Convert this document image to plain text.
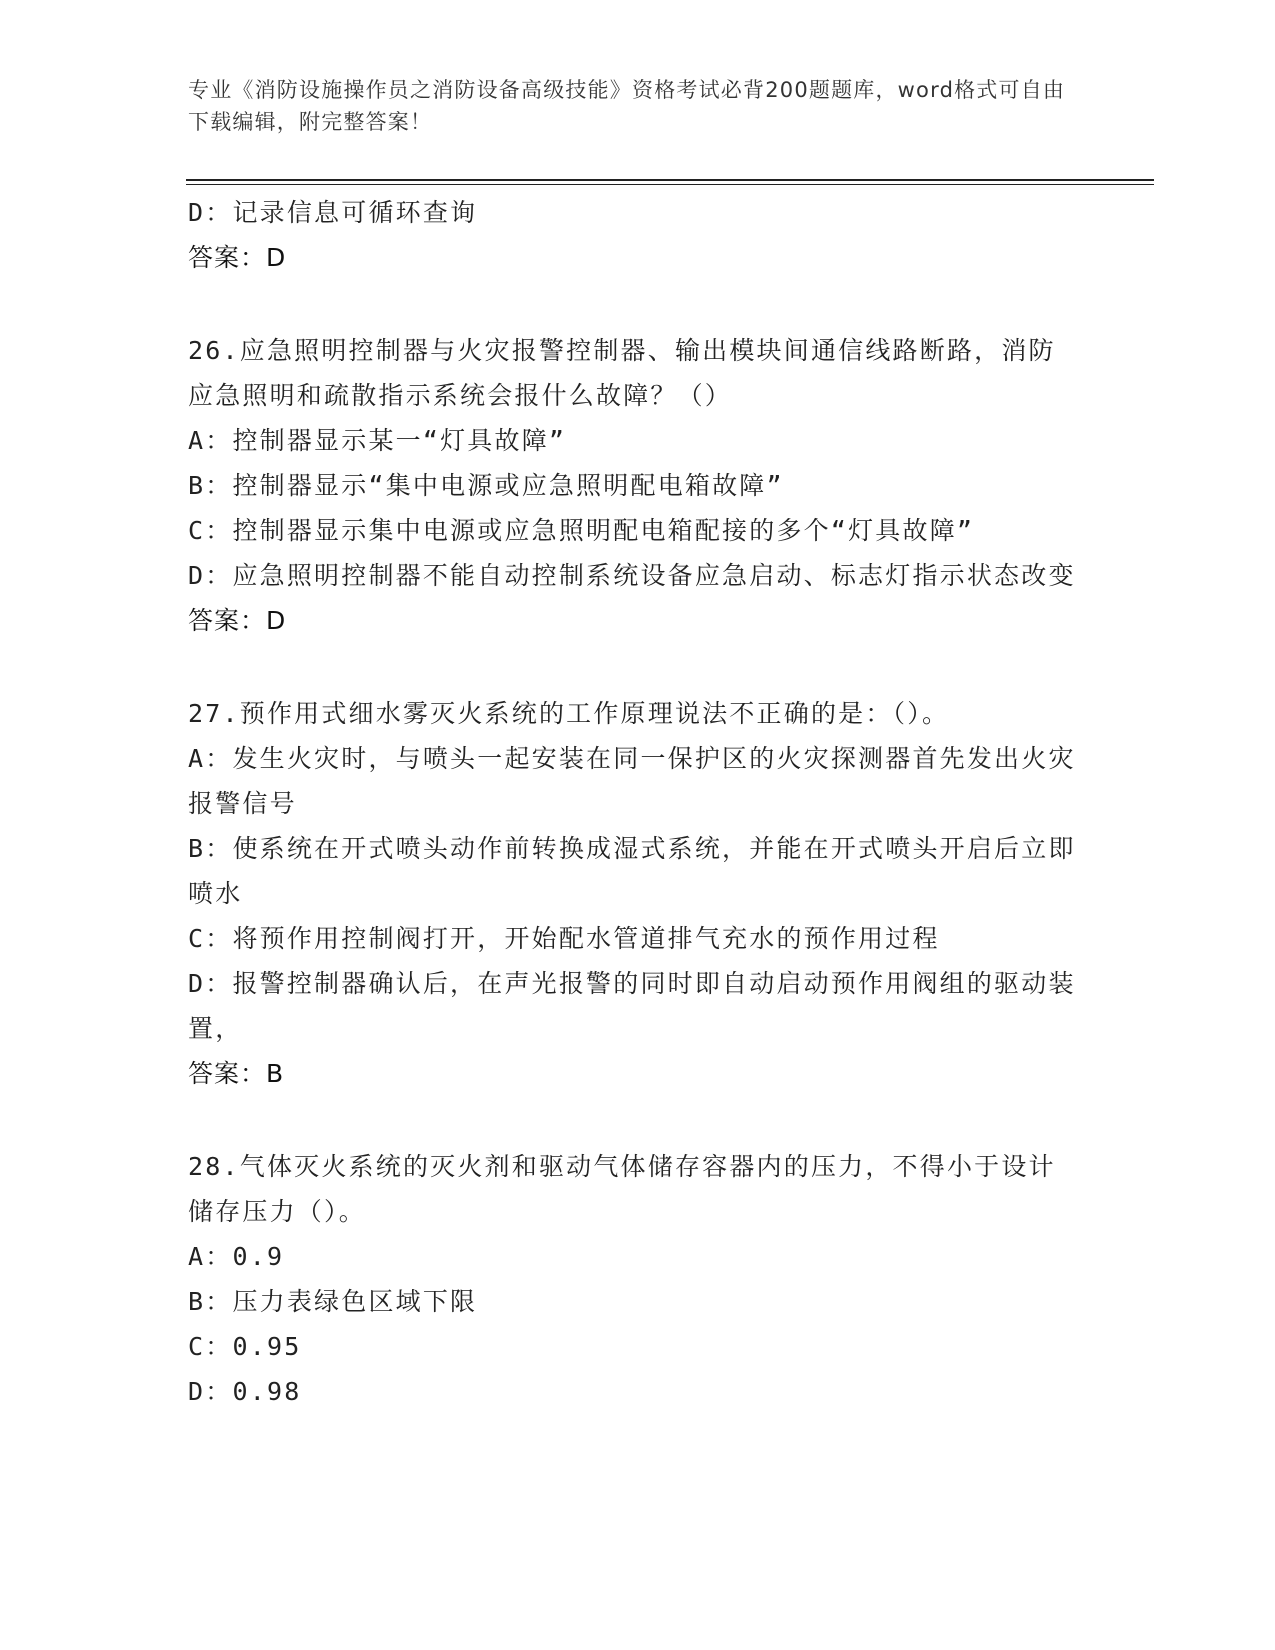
专业《消防设施操作员之消防设备高级技能》资格考试必背200题题库，word格式可自由下载编辑，附完整答案！
D：记录信息可循环查询
答案：D
26.应急照明控制器与火灾报警控制器、输出模块间通信线路断路，消防应急照明和疏散指示系统会报什么故障？（）
A：控制器显示某一“灯具故障”
B：控制器显示“集中电源或应急照明配电箱故障”
C：控制器显示集中电源或应急照明配电箱配接的多个“灯具故障”
D：应急照明控制器不能自动控制系统设备应急启动、标志灯指示状态改变
答案：D
27.预作用式细水雾灭火系统的工作原理说法不正确的是：（）。
A：发生火灾时，与喷头一起安装在同一保护区的火灾探测器首先发出火灾报警信号
B：使系统在开式喷头动作前转换成湿式系统，并能在开式喷头开启后立即喷水
C：将预作用控制阀打开，开始配水管道排气充水的预作用过程
D：报警控制器确认后，在声光报警的同时即自动启动预作用阀组的驱动装置，
答案：B
28.气体灭火系统的灭火剂和驱动气体储存容器内的压力，不得小于设计储存压力（）。
A：0.9
B：压力表绿色区域下限
C：0.95
D：0.98
